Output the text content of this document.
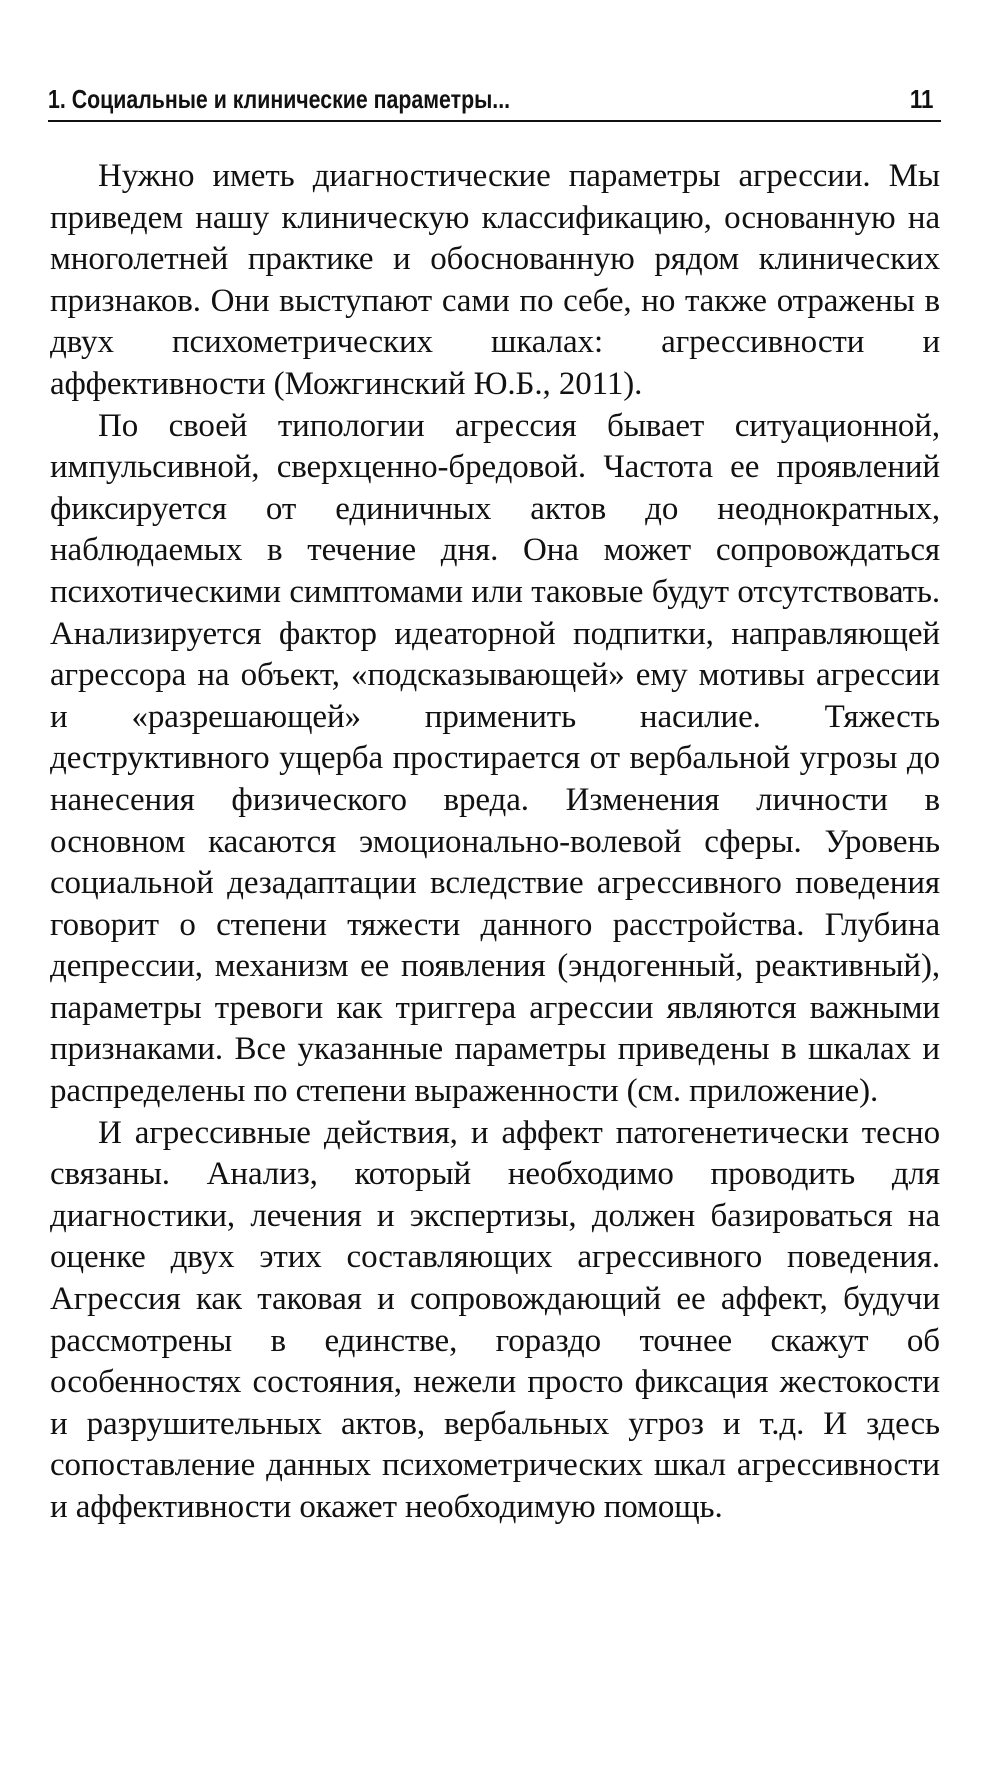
1. Социальные и клинические параметры...	11

Нужно иметь диагностические параметры агрессии. Мы приведем нашу клиническую классификацию, основанную на многолетней практике и обоснованную рядом клинических признаков. Они выступают сами по себе, но также отражены в двух психометрических шкалах: агрессивности и аффективности (Можгинский Ю.Б., 2011).

По своей типологии агрессия бывает ситуационной, импульсивной, сверхценно-бредовой. Частота ее проявлений фиксируется от единичных актов до неоднократных, наблюдаемых в течение дня. Она может сопровождаться психотическими симптомами или таковые будут отсутствовать. Анализируется фактор идеаторной подпитки, направляющей агрессора на объект, «подсказывающей» ему мотивы агрессии и «разрешающей» применить насилие. Тяжесть деструктивного ущерба простирается от вербальной угрозы до нанесения физического вреда. Изменения личности в основном касаются эмоционально-волевой сферы. Уровень социальной дезадаптации вследствие агрессивного поведения говорит о степени тяжести данного расстройства. Глубина депрессии, механизм ее появления (эндогенный, реактивный), параметры тревоги как триггера агрессии являются важными признаками. Все указанные параметры приведены в шкалах и распределены по степени выраженности (см. приложение).

И агрессивные действия, и аффект патогенетически тесно связаны. Анализ, который необходимо проводить для диагностики, лечения и экспертизы, должен базироваться на оценке двух этих составляющих агрессивного поведения. Агрессия как таковая и сопровождающий ее аффект, будучи рассмотрены в единстве, гораздо точнее скажут об особенностях состояния, нежели просто фиксация жестокости и разрушительных актов, вербальных угроз и т.д. И здесь сопоставление данных психометрических шкал агрессивности и аффективности окажет необходимую помощь.
